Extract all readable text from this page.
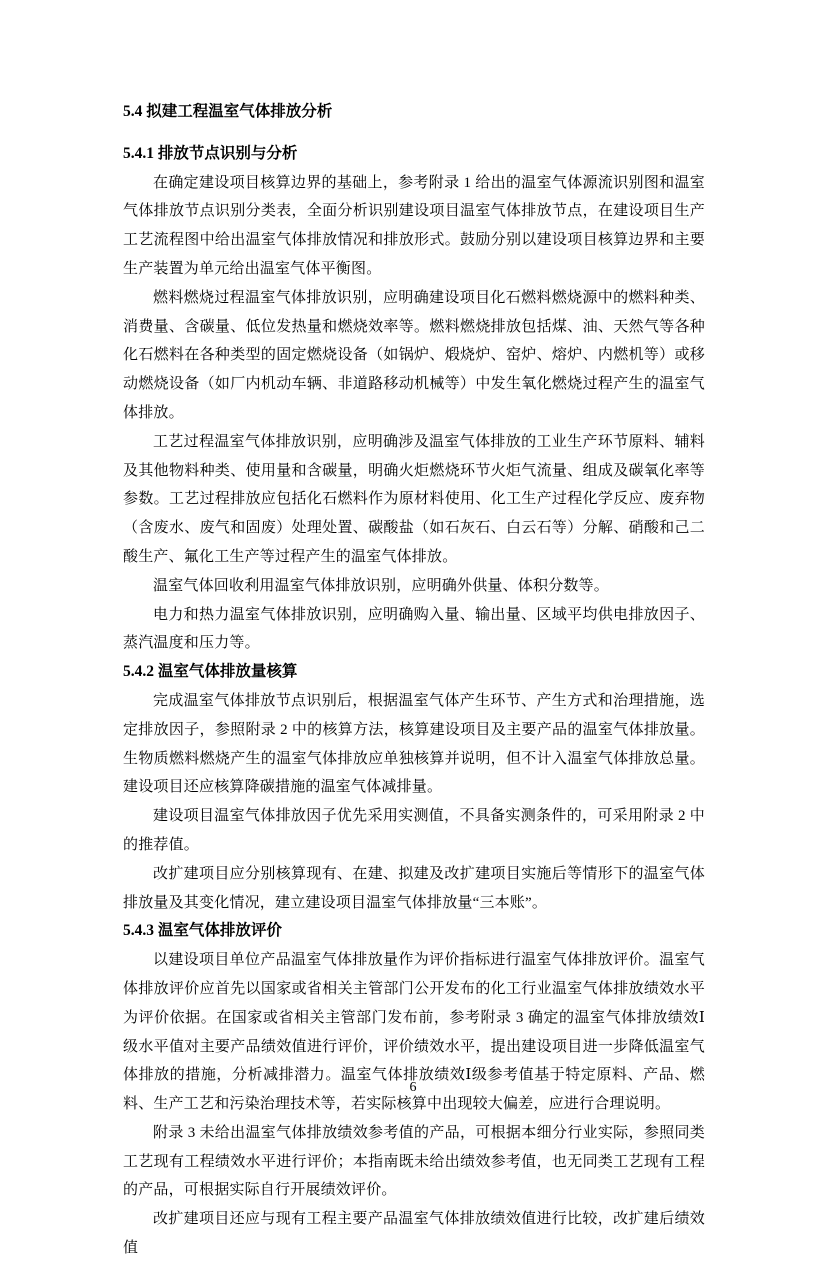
5.4 拟建工程温室气体排放分析
5.4.1 排放节点识别与分析

在确定建设项目核算边界的基础上，参考附录 1 给出的温室气体源流识别图和温室气体排放节点识别分类表，全面分析识别建设项目温室气体排放节点，在建设项目生产工艺流程图中给出温室气体排放情况和排放形式。鼓励分别以建设项目核算边界和主要生产装置为单元给出温室气体平衡图。

燃料燃烧过程温室气体排放识别，应明确建设项目化石燃料燃烧源中的燃料种类、消费量、含碳量、低位发热量和燃烧效率等。燃料燃烧排放包括煤、油、天然气等各种化石燃料在各种类型的固定燃烧设备（如锅炉、煅烧炉、窑炉、熔炉、内燃机等）或移动燃烧设备（如厂内机动车辆、非道路移动机械等）中发生氧化燃烧过程产生的温室气体排放。

工艺过程温室气体排放识别，应明确涉及温室气体排放的工业生产环节原料、辅料及其他物料种类、使用量和含碳量，明确火炬燃烧环节火炬气流量、组成及碳氧化率等参数。工艺过程排放应包括化石燃料作为原材料使用、化工生产过程化学反应、废弃物（含废水、废气和固废）处理处置、碳酸盐（如石灰石、白云石等）分解、硝酸和己二酸生产、氟化工生产等过程产生的温室气体排放。

温室气体回收利用温室气体排放识别，应明确外供量、体积分数等。

电力和热力温室气体排放识别，应明确购入量、输出量、区域平均供电排放因子、蒸汽温度和压力等。

5.4.2 温室气体排放量核算

完成温室气体排放节点识别后，根据温室气体产生环节、产生方式和治理措施，选定排放因子，参照附录 2 中的核算方法，核算建设项目及主要产品的温室气体排放量。生物质燃料燃烧产生的温室气体排放应单独核算并说明，但不计入温室气体排放总量。建设项目还应核算降碳措施的温室气体减排量。

建设项目温室气体排放因子优先采用实测值，不具备实测条件的，可采用附录 2 中的推荐值。

改扩建项目应分别核算现有、在建、拟建及改扩建项目实施后等情形下的温室气体排放量及其变化情况，建立建设项目温室气体排放量“三本账”。

5.4.3 温室气体排放评价

以建设项目单位产品温室气体排放量作为评价指标进行温室气体排放评价。温室气体排放评价应首先以国家或省相关主管部门公开发布的化工行业温室气体排放绩效水平为评价依据。在国家或省相关主管部门发布前，参考附录 3 确定的温室气体排放绩效Ⅰ级水平值对主要产品绩效值进行评价，评价绩效水平，提出建设项目进一步降低温室气体排放的措施，分析减排潜力。温室气体排放绩效Ⅰ级参考值基于特定原料、产品、燃料、生产工艺和污染治理技术等，若实际核算中出现较大偏差，应进行合理说明。

附录 3 未给出温室气体排放绩效参考值的产品，可根据本细分行业实际，参照同类工艺现有工程绩效水平进行评价；本指南既未给出绩效参考值，也无同类工艺现有工程的产品，可根据实际自行开展绩效评价。

改扩建项目还应与现有工程主要产品温室气体排放绩效值进行比较，改扩建后绩效值

6
